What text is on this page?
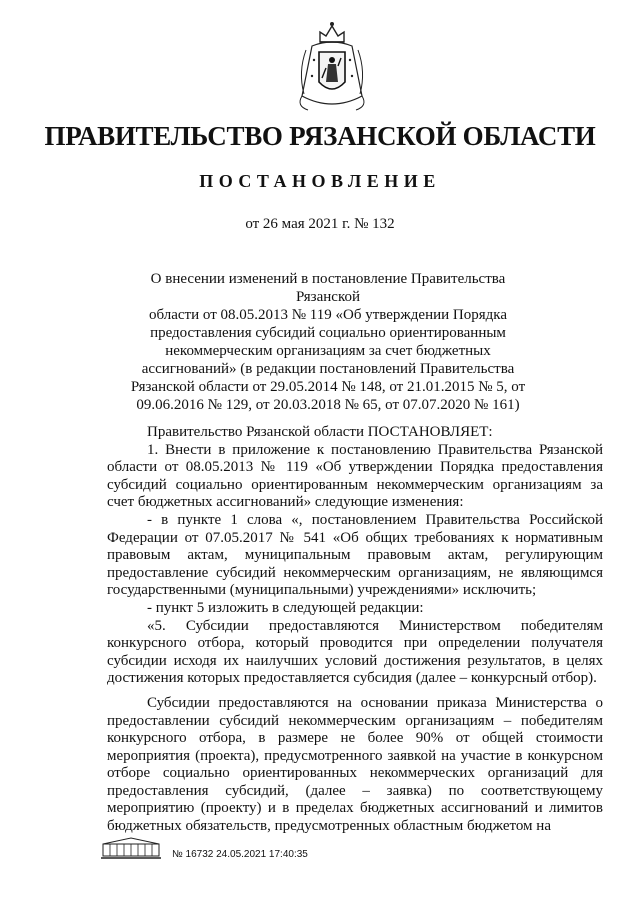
ПРАВИТЕЛЬСТВО РЯЗАНСКОЙ ОБЛАСТИ
ПОСТАНОВЛЕНИЕ
от 26 мая 2021 г. № 132
О внесении изменений в постановление Правительства Рязанской
области от 08.05.2013 № 119 «Об утверждении Порядка
предоставления субсидий социально ориентированным
некоммерческим организациям за счет бюджетных
ассигнований» (в редакции постановлений Правительства
Рязанской области от 29.05.2014 № 148, от 21.01.2015 № 5, от
09.06.2016 № 129, от 20.03.2018 № 65, от 07.07.2020 № 161)

Правительство Рязанской области ПОСТАНОВЛЯЕТ:

1. Внести в приложение к постановлению Правительства Рязанской области от 08.05.2013 № 119 «Об утверждении Порядка предоставления субсидий социально ориентированным некоммерческим организациям за счет бюджетных ассигнований» следующие изменения:

- в пункте 1 слова «, постановлением Правительства Российской Федерации от 07.05.2017 № 541 «Об общих требованиях к нормативным правовым актам, муниципальным правовым актам, регулирующим предоставление субсидий некоммерческим организациям, не являющимся государственными (муниципальными) учреждениями» исключить;

- пункт 5 изложить в следующей редакции:

«5. Субсидии предоставляются Министерством победителям конкурсного отбора, который проводится при определении получателя субсидии исходя их наилучших условий достижения результатов, в целях достижения которых предоставляется субсидия (далее – конкурсный отбор).

Субсидии предоставляются на основании приказа Министерства о предоставлении субсидий некоммерческим организациям – победителям конкурсного отбора, в размере не более 90% от общей стоимости мероприятия (проекта), предусмотренного заявкой на участие в конкурсном отборе социально ориентированных некоммерческих организаций для предоставления субсидий, (далее – заявка) по соответствующему мероприятию (проекту) и в пределах бюджетных ассигнований и лимитов бюджетных обязательств, предусмотренных областным бюджетом на

№ 16732 24.05.2021 17:40:35
